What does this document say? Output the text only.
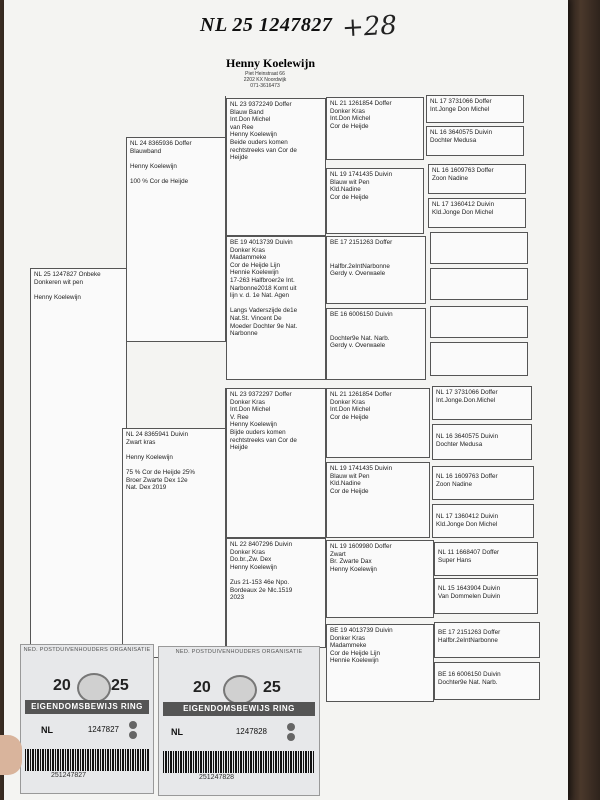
NL 25 1247827 +28
Henny Koelewijn
Piet Heinstraat 66
2202 KX Noordwijk
071-3616473
NL 25 1247827 Onbeke
Donkeren wit pen

Henny Koelewijn
NL 24 8365936 Doffer
Blauwband

Henny Koelewijn

100 % Cor de Heijde
NL 24 8365941 Duivin
Zwart kras

Henny Koelewijn

75 % Cor de Heijde 25%
Broer Zwarte Dex 12e
Nat. Dex 2019
NL 23 9372249 Doffer
Blauw Band
Int.Don Michel
van Ree
Henny Koelewijn
Beide ouders komen
rechtstreeks van Cor de
Heijde
BE 19 4013739 Duivin
Donker Kras
Madammeke
Cor de Heijde Lijn
Hennie Koelewijn
17-263 Halfbroer2e Int.
Narbonne2018 Komt uit
lijn v. d. 1e Nat. Agen

Langs Vaderszijde de1e
Nat.St. Vincent De
Moeder Dochter 9e Nat.
Narbonne
NL 23 9372297 Doffer
Donker Kras
Int.Don Michel
V. Ree
Henny Koelewijn
Bijde ouders komen
rechtstreeks van Cor de
Heijde
NL 22 8407296 Duivin
Donker Kras
Do.br.,Zw. Dex
Henny Koelewijn

Zus 21-153 46e Npo.
Bordeaux 2e Nlc.1519
2023
NL 21 1261854 Doffer
Donker Kras
Int.Don Michel
Cor de Heijde
NL 19 1741435 Duivin
Blauw wit Pen
Kld.Nadine
Cor de Heijde
BE 17 2151263 Doffer
Halfbr.2eIntNarbonne
Gerdy v. Overwaele
BE 16 6006150 Duivin
Dochter9e Nat. Narb.
Gerdy v. Overwaele
NL 21 1261854 Doffer
Donker Kras
Int.Don Michel
Cor de Heijde
NL 19 1741435 Duivin
Blauw wit Pen
Kld.Nadine
Cor de Heijde
NL 19 1609980 Doffer
Zwart
Br. Zwarte Dax
Henny Koelewijn
BE 19 4013739 Duivin
Donker Kras
Madammeke
Cor de Heijde Lijn
Hennie Koelewijn
NL 17 3731066 Doffer
Int.Jonge Don Michel
NL 16 3640575 Duivin
Dochter Medusa
NL 16 1609763 Doffer
Zoon Nadine
NL 17 1360412 Duivin
Kld.Jonge Don Michel
NL 17 3731066 Doffer
Int.Jonge.Don.Michel
NL 16 3640575 Duivin
Dochter Medusa
NL 16 1609763 Doffer
Zoon Nadine
NL 17 1360412 Duivin
Kld.Jonge Don Michel
NL 11 1668407 Doffer
Super Hans
NL 15 1643904 Duivin
Van Dommelen Duivin
BE 17 2151263 Doffer
Halfbr.2eIntNarbonne
BE 16 6006150 Duivin
Dochter9e Nat. Narb.
NED. POSTDUIVENHOUDERS ORGANISATIE
20	25
EIGENDOMSBEWIJS RING
NL	1247827
251247827
NED. POSTDUIVENHOUDERS ORGANISATIE
20	25
EIGENDOMSBEWIJS RING
NL	1247828
251247828
